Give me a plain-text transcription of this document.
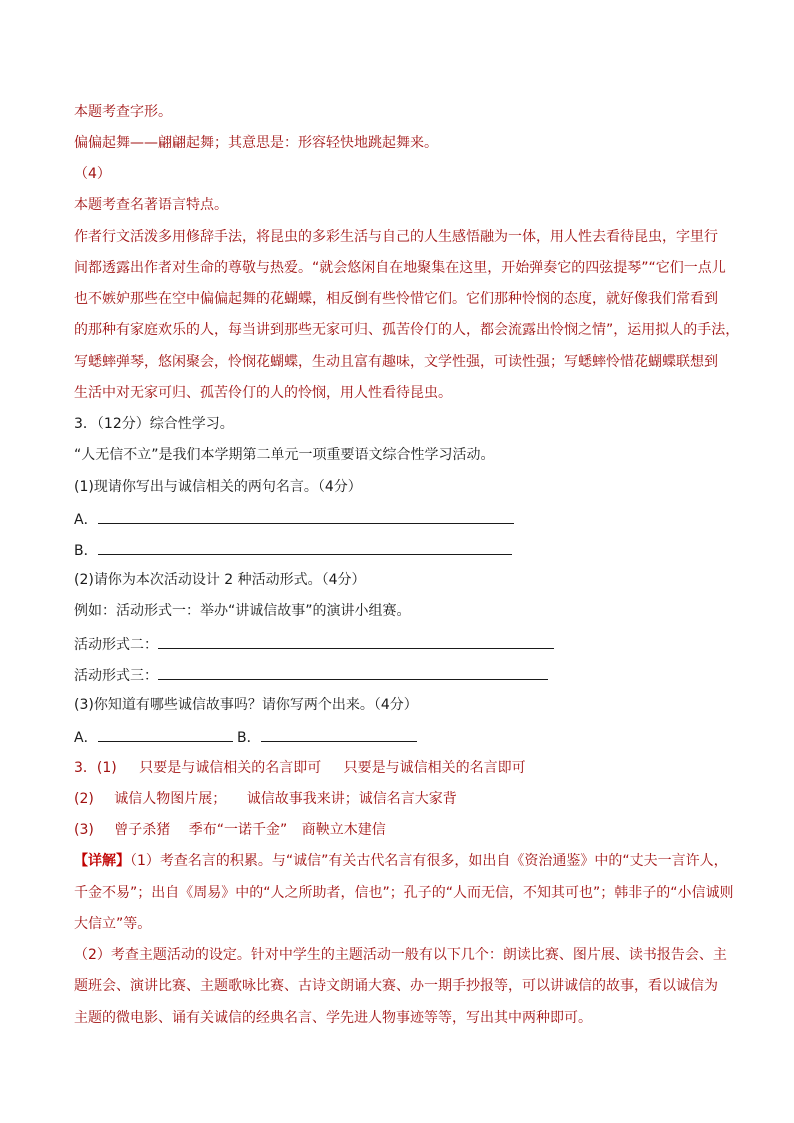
本题考查字形。
偏偏起舞——翩翩起舞；其意思是：形容轻快地跳起舞来。
（4）
本题考查名著语言特点。
作者行文活泼多用修辞手法，将昆虫的多彩生活与自己的人生感悟融为一体，用人性去看待昆虫，字里行
间都透露出作者对生命的尊敬与热爱。“就会悠闲自在地聚集在这里，开始弹奏它的四弦提琴”“它们一点儿
也不嫉妒那些在空中偏偏起舞的花蝴蝶，相反倒有些怜惜它们。它们那种怜悯的态度，就好像我们常看到
的那种有家庭欢乐的人，每当讲到那些无家可归、孤苦伶仃的人，都会流露出怜悯之情”，运用拟人的手法，
写蟋蟀弹琴，悠闲聚会，怜悯花蝴蝶，生动且富有趣味，文学性强，可读性强；写蟋蟀怜惜花蝴蝶联想到
生活中对无家可归、孤苦伶仃的人的怜悯，用人性看待昆虫。
3．（12分）综合性学习。
“人无信不立”是我们本学期第二单元一项重要语文综合性学习活动。
(1)现请你写出与诚信相关的两句名言。（4分）
A．
B．
(2)请你为本次活动设计 2 种活动形式。（4分）
例如：活动形式一：举办“讲诚信故事”的演讲小组赛。
活动形式二：
活动形式三：
(3)你知道有哪些诚信故事吗？请你写两个出来。（4分）
A．	B．
3．(1) 只要是与诚信相关的名言即可 只要是与诚信相关的名言即可
(2) 诚信人物图片展； 诚信故事我来讲；诚信名言大家背
(3) 曾子杀猪 季布“一诺千金” 商鞅立木建信
【详解】（1）考查名言的积累。与“诚信”有关古代名言有很多，如出自《资治通鉴》中的“丈夫一言许人，
千金不易”；出自《周易》中的“人之所助者，信也”；孔子的“人而无信，不知其可也”；韩非子的“小信诚则
大信立”等。
（2）考查主题活动的设定。针对中学生的主题活动一般有以下几个：朗读比赛、图片展、读书报告会、主
题班会、演讲比赛、主题歌咏比赛、古诗文朗诵大赛、办一期手抄报等，可以讲诚信的故事，看以诚信为
主题的微电影、诵有关诚信的经典名言、学先进人物事迹等等，写出其中两种即可。
